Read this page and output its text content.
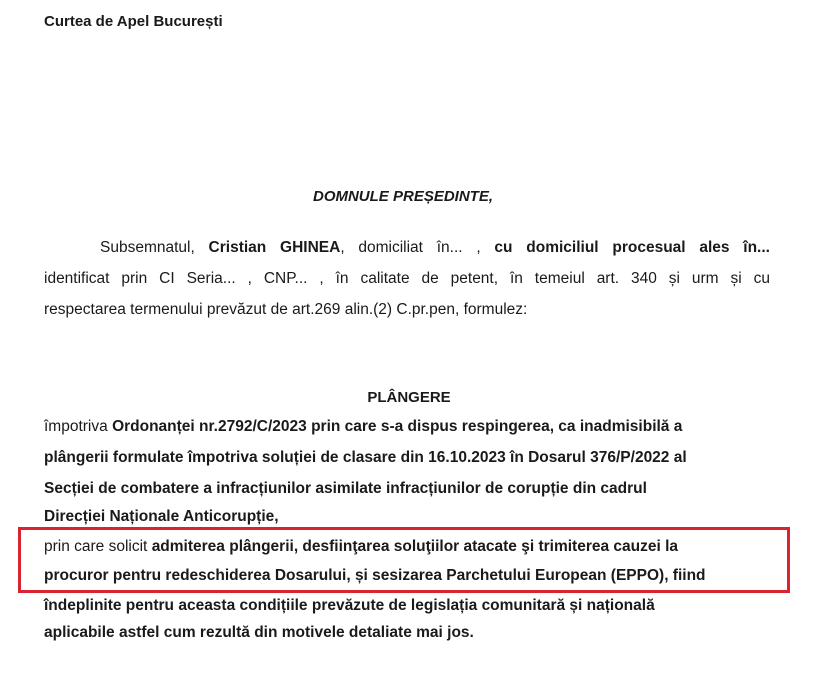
Curtea de Apel București
DOMNULE PREȘEDINTE,
Subsemnatul, Cristian GHINEA, domiciliat în... , cu domiciliul procesual ales în...
identificat prin CI Seria... , CNP... , în calitate de petent, în temeiul art. 340 și urm și cu
respectarea termenului prevăzut de art.269 alin.(2) C.pr.pen, formulez:
PLÂNGERE
împotriva Ordonanței nr.2792/C/2023 prin care s-a dispus respingerea, ca inadmisibilă a
plângerii formulate împotriva soluției de clasare din 16.10.2023 în Dosarul 376/P/2022 al
Secției de combatere a infracțiunilor asimilate infracțiunilor de corupție din cadrul
Direcției Naționale Anticorupție,
prin care solicit admiterea plângerii, desfiinţarea soluţiilor atacate şi trimiterea cauzei la
procuror pentru redeschiderea Dosarului, și sesizarea Parchetului European (EPPO), fiind
îndeplinite pentru aceasta condițiile prevăzute de legislația comunitară și națională
aplicabile astfel cum rezultă din motivele detaliate mai jos.
